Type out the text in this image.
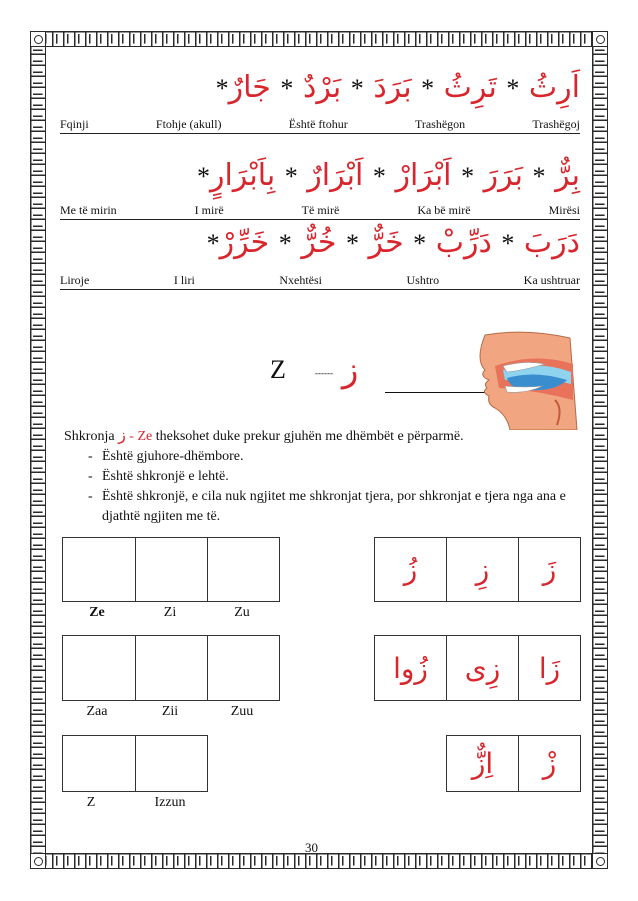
اَرِثُ * تَرِثُ * بَرَدَ * بَرْدٌ * جَارٌ*
Fqinji	Ftohje (akull)	Është ftohur	Trashëgon	Trashëgoj
بِرٌّ * بَرَرَ * اَبْرَارْ * اَبْرَارٌ * بِاَبْرَارٍ*
Me të mirin	I mirë	Të mirë	Ka bë mirë	Mirësi
دَرَبَ * دَرِّبْ * خَرٌّ * خُرٌّ * خَرِّرْ*
Liroje	I liri	Nxehtësi	Ushtro	Ka ushtruar
Z	------ ز
Shkronja ز - Ze theksohet duke prekur gjuhën me dhëmbët e përparmë.
- Është gjuhore-dhëmbore.
- Është shkronjë e lehtë.
- Është shkronjë, e cila nuk ngjitet me shkronjat tjera, por shkronjat e tjera nga ana e djathtë ngjiten me të.
Ze	Zi	Zu
زُ	زِ	زَ
Zaa	Zii	Zuu
زُوا	زِى	زَا
Z	Izzun
اِزٌّ	زْ
30
